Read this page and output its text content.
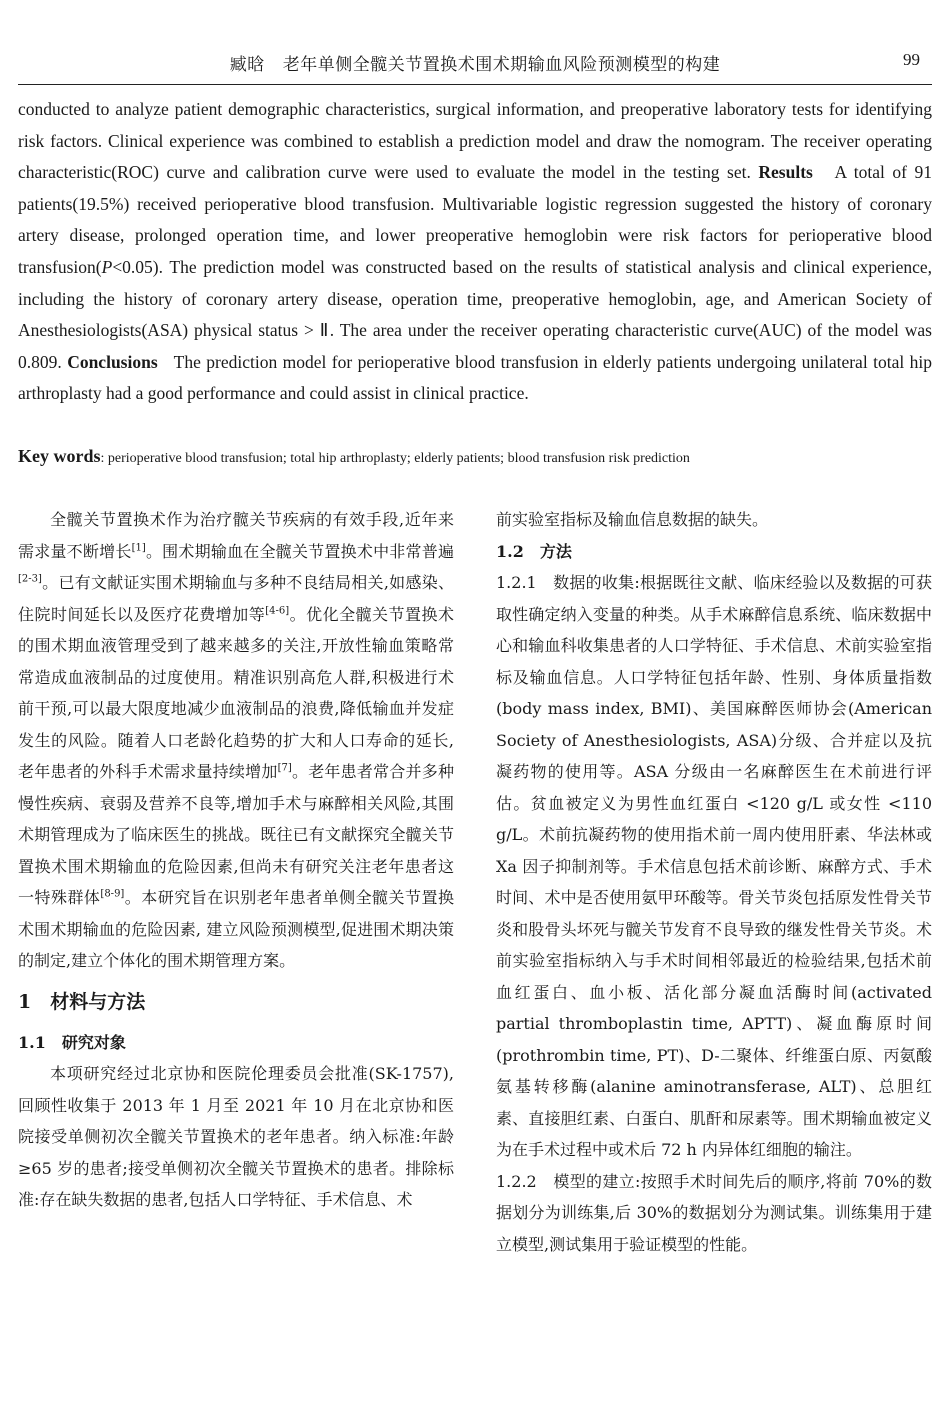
臧晗 老年单侧全髋关节置换术围术期输血风险预测模型的构建	99
conducted to analyze patient demographic characteristics, surgical information, and preoperative laboratory tests for identifying risk factors. Clinical experience was combined to establish a prediction model and draw the nomogram. The receiver operating characteristic(ROC) curve and calibration curve were used to evaluate the model in the testing set. Results A total of 91 patients(19.5%) received perioperative blood transfusion. Multivariable logistic regression suggested the history of coronary artery disease, prolonged operation time, and lower preoperative hemoglobin were risk factors for perioperative blood transfusion(P<0.05). The prediction model was constructed based on the results of statistical analysis and clinical experience, including the history of coronary artery disease, operation time, preoperative hemoglobin, age, and American Society of Anesthesiologists(ASA) physical status > Ⅱ. The area under the receiver operating characteristic curve(AUC) of the model was 0.809. Conclusions The prediction model for perioperative blood transfusion in elderly patients undergoing unilateral total hip arthroplasty had a good performance and could assist in clinical practice.
Key words: perioperative blood transfusion; total hip arthroplasty; elderly patients; blood transfusion risk prediction

全髋关节置换术作为治疗髋关节疾病的有效手段,近年来需求量不断增长[1]。围术期输血在全髋关节置换术中非常普遍[2-3]。已有文献证实围术期输血与多种不良结局相关,如感染、住院时间延长以及医疗花费增加等[4-6]。优化全髋关节置换术的围术期血液管理受到了越来越多的关注,开放性输血策略常常造成血液制品的过度使用。精准识别高危人群,积极进行术前干预,可以最大限度地减少血液制品的浪费,降低输血并发症发生的风险。随着人口老龄化趋势的扩大和人口寿命的延长,老年患者的外科手术需求量持续增加[7]。老年患者常合并多种慢性疾病、衰弱及营养不良等,增加手术与麻醉相关风险,其围术期管理成为了临床医生的挑战。既往已有文献探究全髋关节置换术围术期输血的危险因素,但尚未有研究关注老年患者这一特殊群体[8-9]。本研究旨在识别老年患者单侧全髋关节置换术围术期输血的危险因素, 建立风险预测模型,促进围术期决策的制定,建立个体化的围术期管理方案。

1　材料与方法

1.1　研究对象

本项研究经过北京协和医院伦理委员会批准(SK-1757),回顾性收集于 2013 年 1 月至 2021 年 10 月在北京协和医院接受单侧初次全髋关节置换术的老年患者。纳入标准:年龄≥65 岁的患者;接受单侧初次全髋关节置换术的患者。排除标准:存在缺失数据的患者,包括人口学特征、手术信息、术

前实验室指标及输血信息数据的缺失。

1.2　方法

1.2.1　数据的收集:根据既往文献、临床经验以及数据的可获取性确定纳入变量的种类。从手术麻醉信息系统、临床数据中心和输血科收集患者的人口学特征、手术信息、术前实验室指标及输血信息。人口学特征包括年龄、性别、身体质量指数(body mass index, BMI)、美国麻醉医师协会(American Society of Anesthesiologists, ASA)分级、合并症以及抗凝药物的使用等。ASA 分级由一名麻醉医生在术前进行评估。贫血被定义为男性血红蛋白 <120 g/L 或女性 <110 g/L。术前抗凝药物的使用指术前一周内使用肝素、华法林或 Xa 因子抑制剂等。手术信息包括术前诊断、麻醉方式、手术时间、术中是否使用氨甲环酸等。骨关节炎包括原发性骨关节炎和股骨头坏死与髋关节发育不良导致的继发性骨关节炎。术前实验室指标纳入与手术时间相邻最近的检验结果,包括术前血红蛋白、血小板、活化部分凝血活酶时间(activated partial thromboplastin time, APTT)、凝血酶原时间(prothrombin time, PT)、D-二聚体、纤维蛋白原、丙氨酸氨基转移酶(alanine aminotransferase, ALT)、总胆红素、直接胆红素、白蛋白、肌酐和尿素等。围术期输血被定义为在手术过程中或术后 72 h 内异体红细胞的输注。

1.2.2　模型的建立:按照手术时间先后的顺序,将前 70%的数据划分为训练集,后 30%的数据划分为测试集。训练集用于建立模型,测试集用于验证模型的性能。
